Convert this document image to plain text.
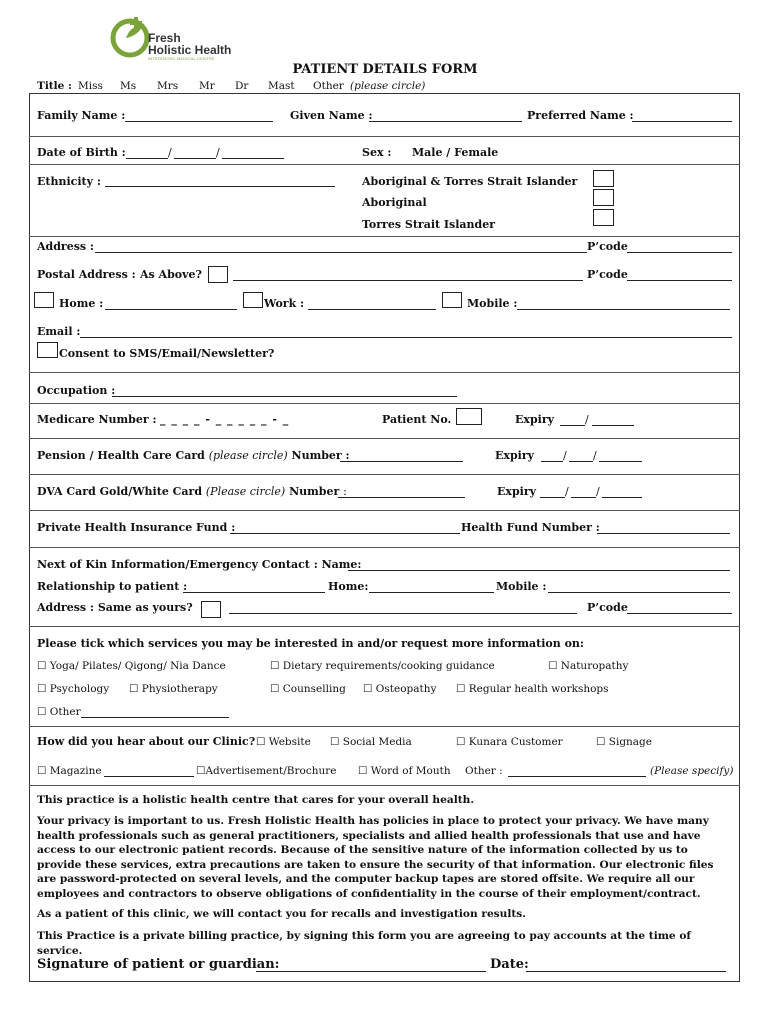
Fresh
Holistic Health
INTEGRATED MEDICAL CENTRE
PATIENT DETAILS FORM
Title : Miss Ms Mrs Mr Dr Mast Other (please circle)
Family Name :	Given Name :	Preferred Name :
Date of Birth :	/	/	Sex : Male / Female
Ethnicity :	Aboriginal & Torres Strait Islander
Aboriginal
Torres Strait Islander
Address :	P’code
Postal Address : As Above?	P’code
Home :	Work :	Mobile :
Email :
Consent to SMS/Email/Newsletter?
Occupation :
Medicare Number : _ _ _ _ - _ _ _ _ _ - _	Patient No.	Expiry	/
Pension / Health Care Card (please circle) Number :	Expiry	/ /
DVA Card Gold/White Card (Please circle) Number :	Expiry	/ /
Private Health Insurance Fund :	Health Fund Number :
Next of Kin Information/Emergency Contact : Name:
Relationship to patient :	Home:	Mobile :
Address : Same as yours?	P’code
Please tick which services you may be interested in and/or request more information on:
☐ Yoga/ Pilates/ Qigong/ Nia Dance	☐ Dietary requirements/cooking guidance	☐ Naturopathy
☐ Psychology ☐ Physiotherapy	☐ Counselling ☐ Osteopathy ☐ Regular health workshops
☐ Other
How did you hear about our Clinic? ☐ Website ☐ Social Media	☐ Kunara Customer	☐ Signage
☐ Magazine	☐Advertisement/Brochure ☐ Word of Mouth Other :	(Please specify)
This practice is a holistic health centre that cares for your overall health.
Your privacy is important to us. Fresh Holistic Health has policies in place to protect your privacy. We have many health professionals such as general practitioners, specialists and allied health professionals that use and have access to our electronic patient records. Because of the sensitive nature of the information collected by us to provide these services, extra precautions are taken to ensure the security of that information. Our electronic files are password-protected on several levels, and the computer backup tapes are stored offsite. We require all our employees and contractors to observe obligations of confidentiality in the course of their employment/contract.
As a patient of this clinic, we will contact you for recalls and investigation results.
This Practice is a private billing practice, by signing this form you are agreeing to pay accounts at the time of service.
Signature of patient or guardian:	Date:
